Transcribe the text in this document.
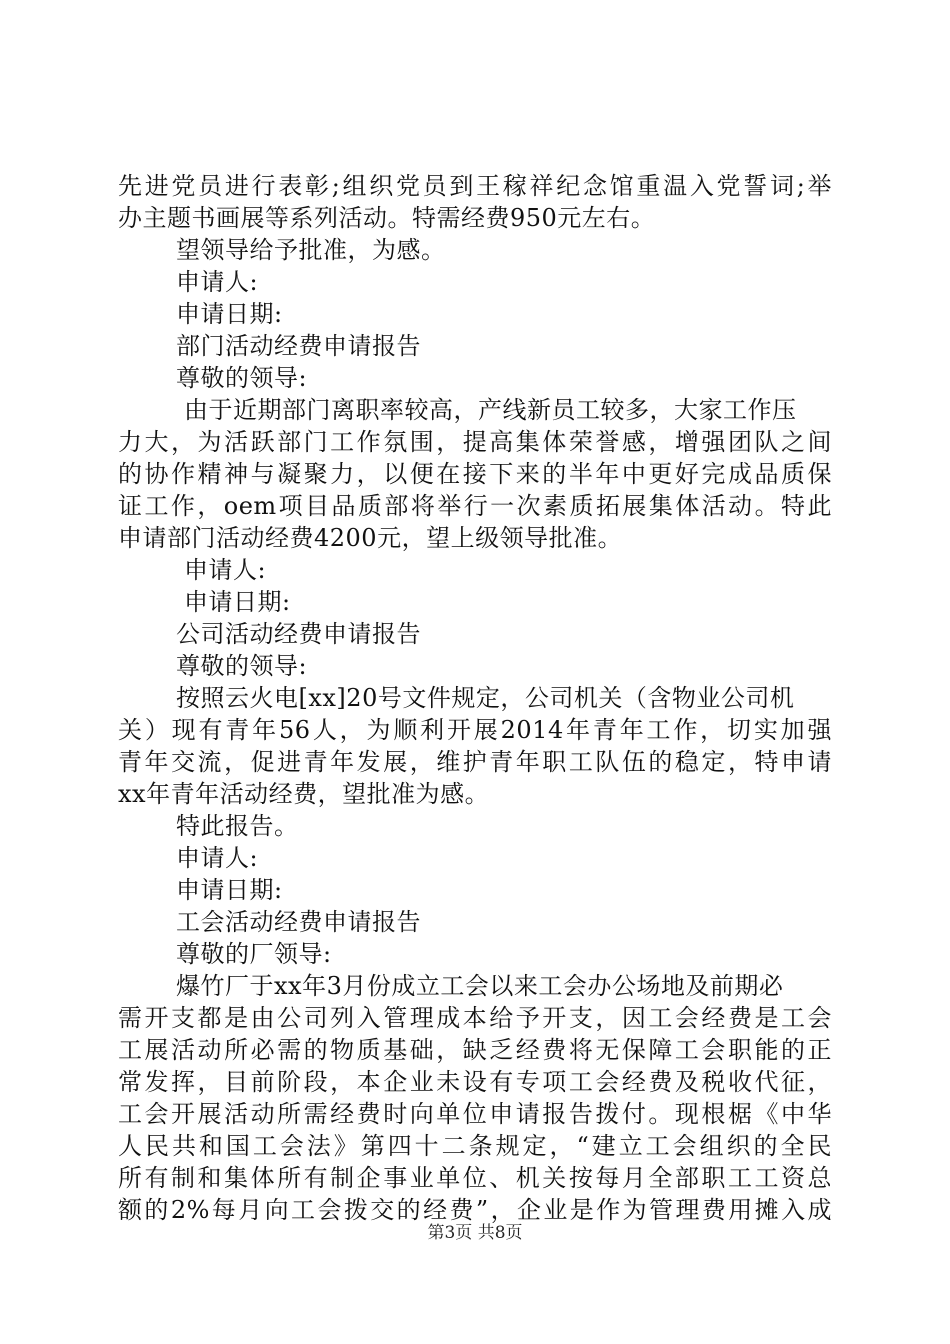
先进党员进行表彰;组织党员到王稼祥纪念馆重温入党誓词;举
办主题书画展等系列活动。特需经费950元左右。
望领导给予批准，为感。
申请人:
申请日期:
部门活动经费申请报告
尊敬的领导:
由于近期部门离职率较高，产线新员工较多，大家工作压
力大，为活跃部门工作氛围，提高集体荣誉感，增强团队之间
的协作精神与凝聚力，以便在接下来的半年中更好完成品质保
证工作，oem项目品质部将举行一次素质拓展集体活动。特此
申请部门活动经费4200元，望上级领导批准。
申请人:
申请日期:
公司活动经费申请报告
尊敬的领导:
按照云火电[xx]20号文件规定，公司机关（含物业公司机
关）现有青年56人，为顺利开展2014年青年工作，切实加强
青年交流，促进青年发展，维护青年职工队伍的稳定，特申请
xx年青年活动经费，望批准为感。
特此报告。
申请人:
申请日期:
工会活动经费申请报告
尊敬的厂领导:
爆竹厂于xx年3月份成立工会以来工会办公场地及前期必
需开支都是由公司列入管理成本给予开支，因工会经费是工会
工展活动所必需的物质基础，缺乏经费将无保障工会职能的正
常发挥，目前阶段，本企业未设有专项工会经费及税收代征，
工会开展活动所需经费时向单位申请报告拨付。现根椐《中华
人民共和国工会法》第四十二条规定，“建立工会组织的全民
所有制和集体所有制企事业单位、机关按每月全部职工工资总
额的2%每月向工会拨交的经费”，企业是作为管理费用摊入成
第3页 共8页
